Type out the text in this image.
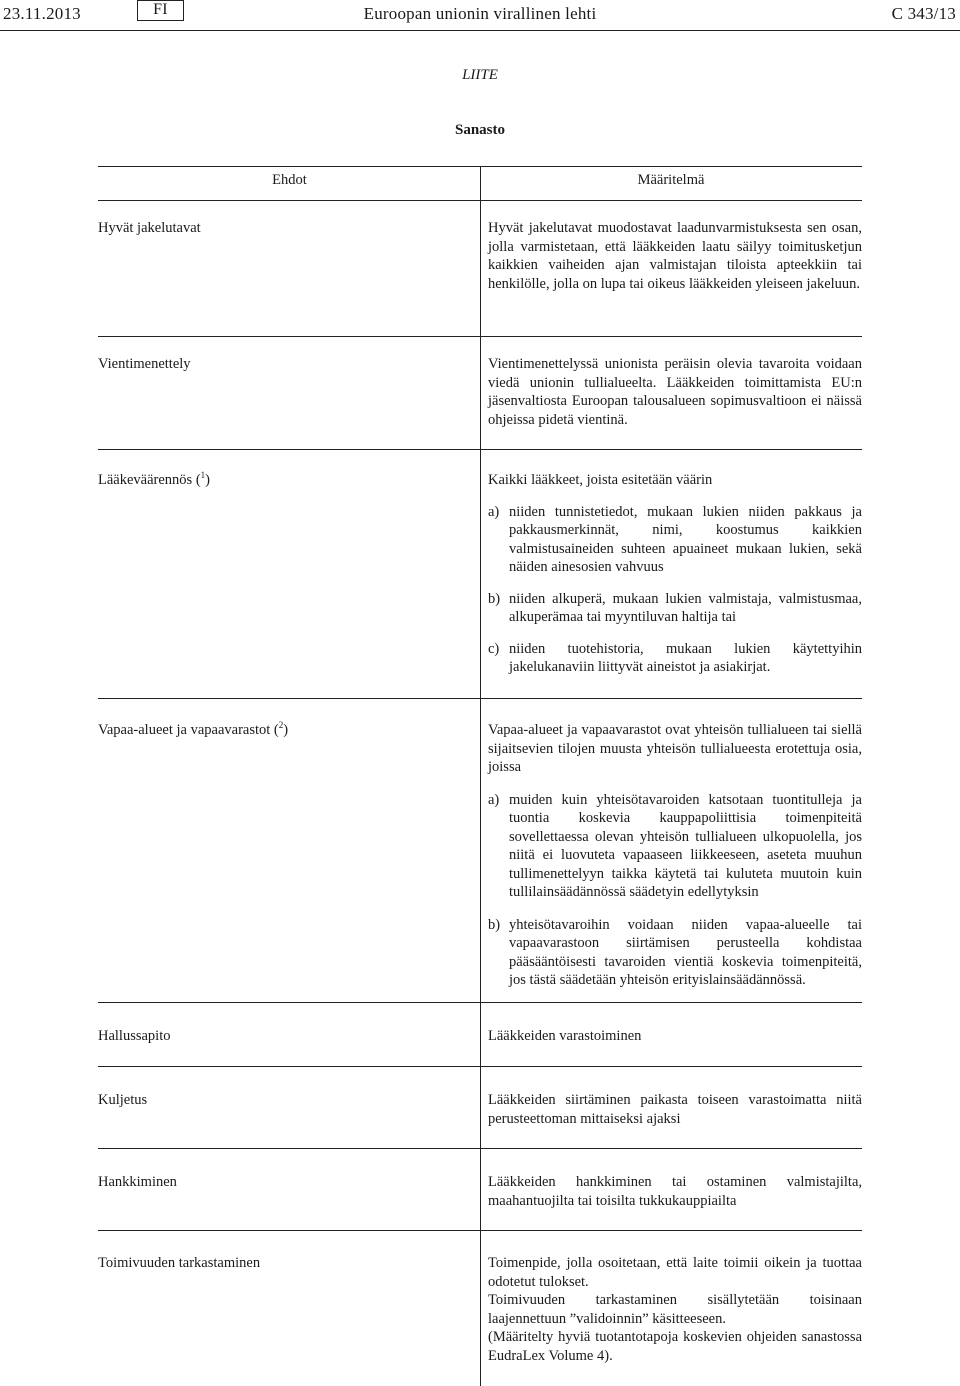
23.11.2013	FI	Euroopan unionin virallinen lehti	C 343/13
LIITE
Sanasto
Ehdot	Määritelmä
Hyvät jakelutavat	Hyvät jakelutavat muodostavat laadunvarmistuksesta sen osan, jolla varmistetaan, että lääkkeiden laatu säilyy toimitusketjun kaikkien vaiheiden ajan valmistajan tiloista apteekkiin tai henkilölle, jolla on lupa tai oikeus lääkkeiden yleiseen jakeluun.

Vientimenettely	Vientimenettelyssä unionista peräisin olevia tavaroita voidaan viedä unionin tullialueelta. Lääkkeiden toimittamista EU:n jäsenvaltiosta Euroopan talousalueen sopimusvaltioon ei näissä ohjeissa pidetä vientinä.

Lääkeväärennös ($^1$)	Kaikki lääkkeet, joista esitetään väärin

a) niiden tunnistetiedot, mukaan lukien niiden pakkaus ja pakkausmerkinnät, nimi, koostumus kaikkien valmistusaineiden suhteen apuaineet mukaan lukien, sekä näiden ainesosien vahvuus
b) niiden alkuperä, mukaan lukien valmistaja, valmistusmaa, alkuperämaa tai myyntiluvan haltija tai
c) niiden tuotehistoria, mukaan lukien käytettyihin jakelukanaviin liittyvät aineistot ja asiakirjat.
Vapaa-alueet ja vapaavarastot ($^2$)	Vapaa-alueet ja vapaavarastot ovat yhteisön tullialueen tai siellä sijaitsevien tilojen muusta yhteisön tullialueesta erotettuja osia, joissa

a) muiden kuin yhteisötavaroiden katsotaan tuontitulleja ja tuontia koskevia kauppapoliittisia toimenpiteitä sovellettaessa olevan yhteisön tullialueen ulkopuolella, jos niitä ei luovuteta vapaaseen liikkeeseen, aseteta muuhun tullimenettelyyn taikka käytetä tai kuluteta muutoin kuin tullilainsäädännössä säädetyin edellytyksin
b) yhteisötavaroihin voidaan niiden vapaa-alueelle tai vapaavarastoon siirtämisen perusteella kohdistaa pääsääntöisesti tavaroiden vientiä koskevia toimenpiteitä, jos tästä säädetään yhteisön erityislainsäädännössä.
Hallussapito	Lääkkeiden varastoiminen

Kuljetus	Lääkkeiden siirtäminen paikasta toiseen varastoimatta niitä perusteettoman mittaiseksi ajaksi

Hankkiminen	Lääkkeiden hankkiminen tai ostaminen valmistajilta, maahantuojilta tai toisilta tukkukauppiailta

Toimivuuden tarkastaminen	Toimenpide, jolla osoitetaan, että laite toimii oikein ja tuottaa odotetut tulokset.

Toimivuuden tarkastaminen sisällytetään toisinaan laajennettuun ”validoinnin” käsitteeseen.

(Määritelty hyviä tuotantotapoja koskevien ohjeiden sanastossa EudraLex Volume 4).
